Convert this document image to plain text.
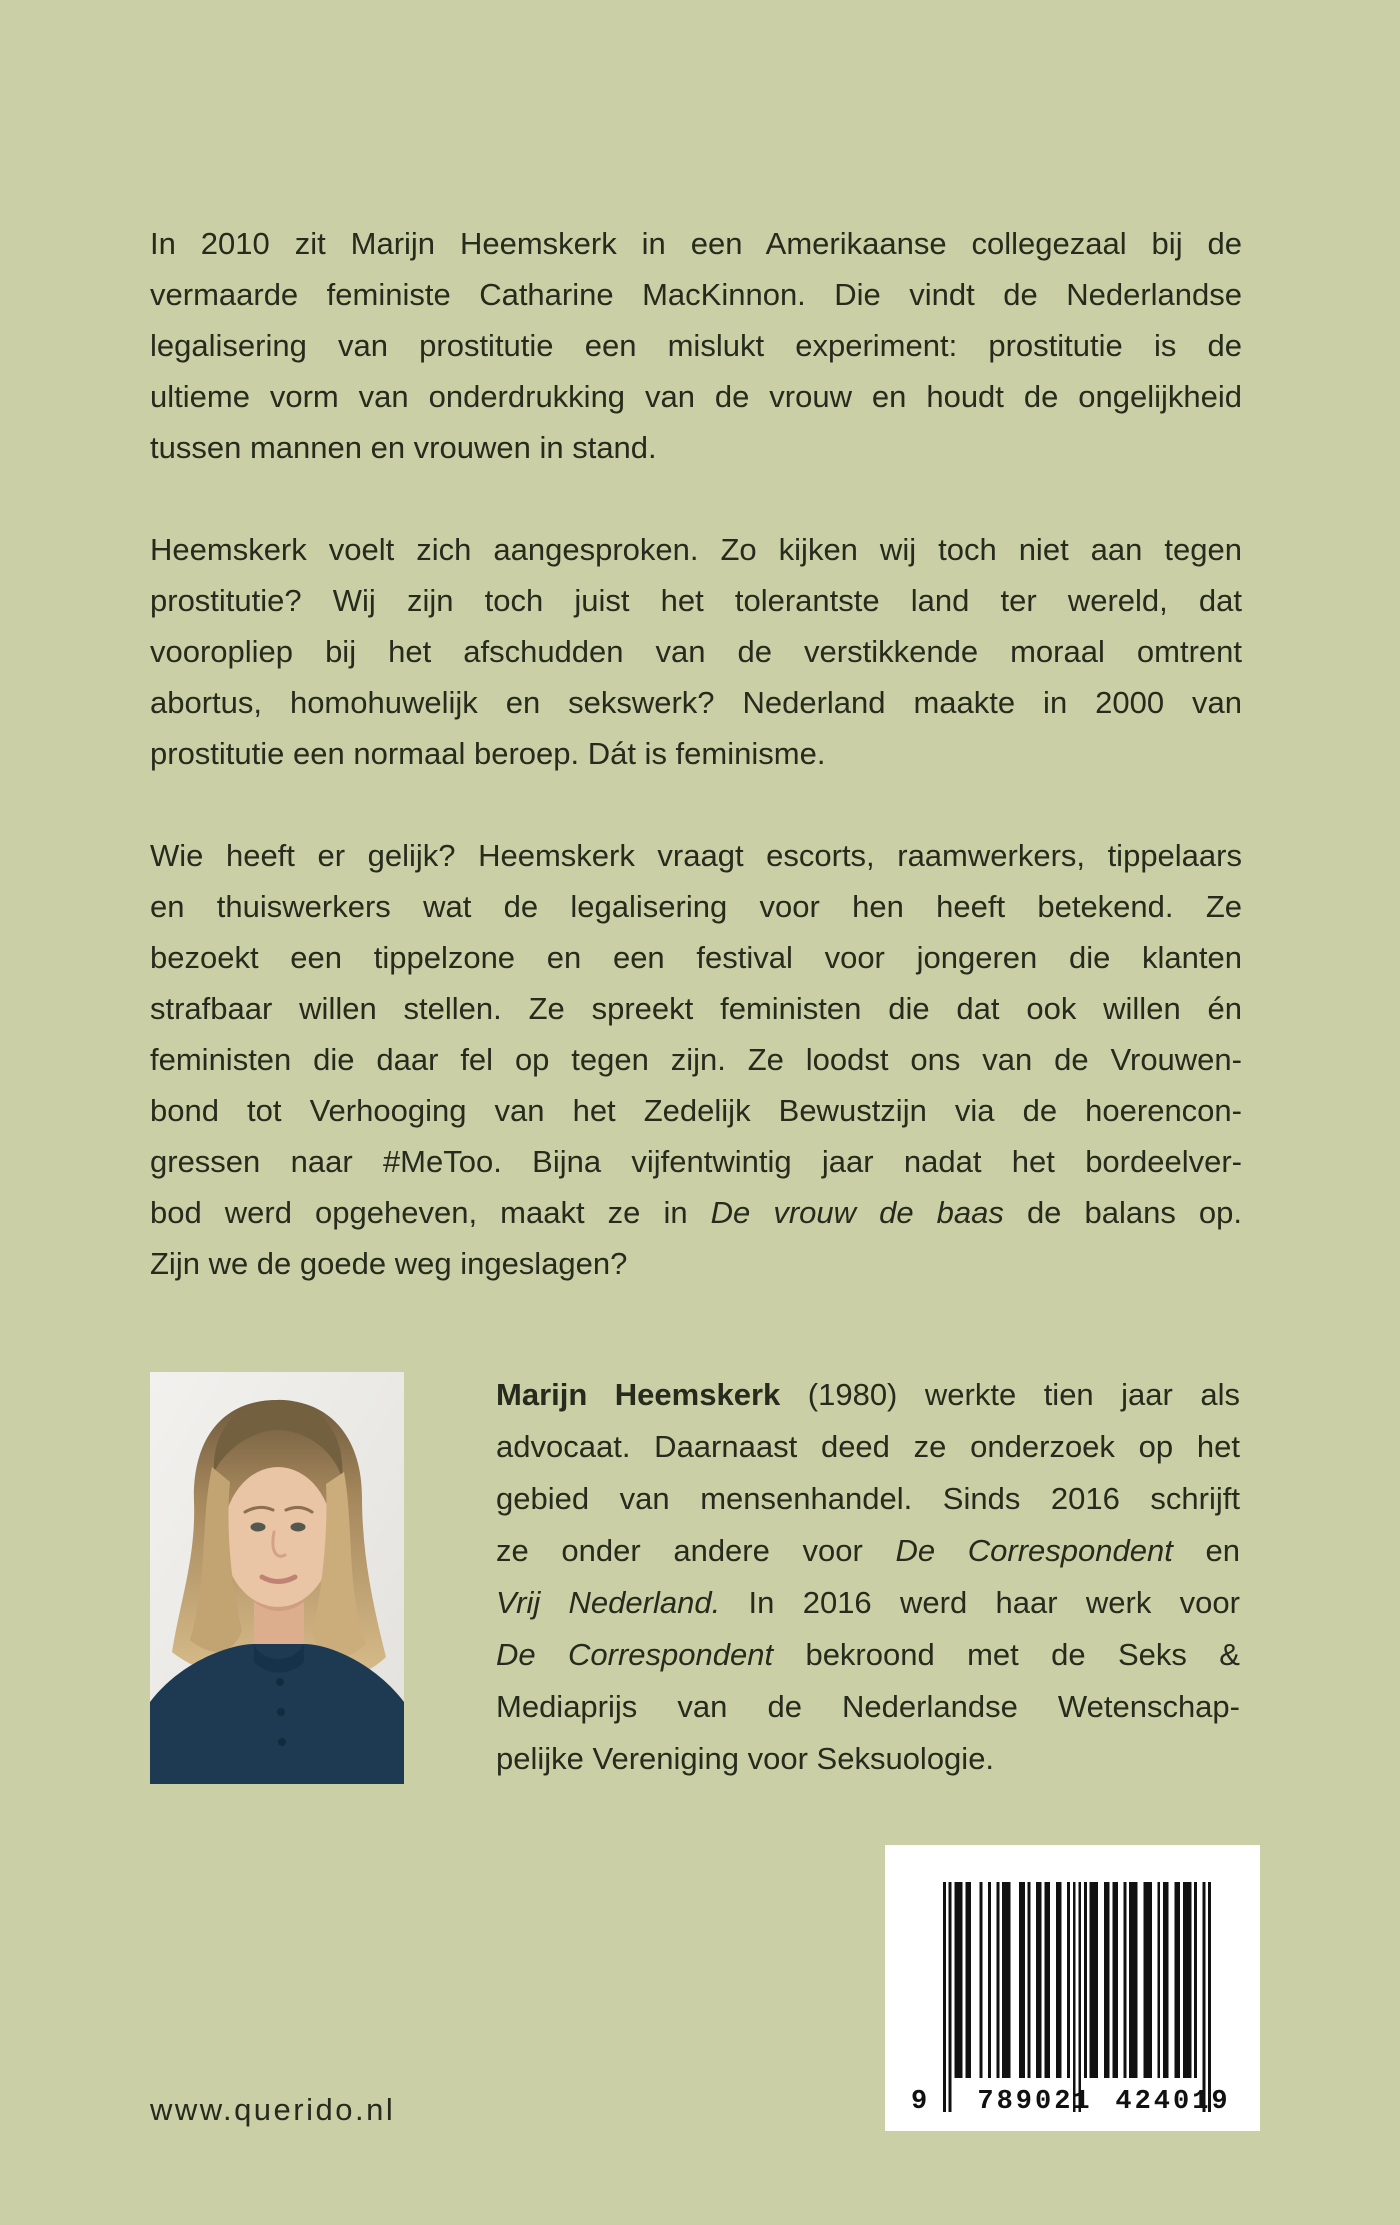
In 2010 zit Marijn Heemskerk in een Amerikaanse collegezaal bij de
vermaarde feministe Catharine MacKinnon. Die vindt de Nederlandse
legalisering van prostitutie een mislukt experiment: prostitutie is de
ultieme vorm van onderdrukking van de vrouw en houdt de ongelijkheid
tussen mannen en vrouwen in stand.
Heemskerk voelt zich aangesproken. Zo kijken wij toch niet aan tegen
prostitutie? Wij zijn toch juist het tolerantste land ter wereld, dat
vooropliep bij het afschudden van de verstikkende moraal omtrent
abortus, homohuwelijk en sekswerk? Nederland maakte in 2000 van
prostitutie een normaal beroep. Dát is feminisme.
Wie heeft er gelijk? Heemskerk vraagt escorts, raamwerkers, tippelaars
en thuiswerkers wat de legalisering voor hen heeft betekend. Ze
bezoekt een tippelzone en een festival voor jongeren die klanten
strafbaar willen stellen. Ze spreekt feministen die dat ook willen én
feministen die daar fel op tegen zijn. Ze loodst ons van de Vrouwen-
bond tot Verhooging van het Zedelijk Bewustzijn via de hoerencon-
gressen naar #MeToo. Bijna vijfentwintig jaar nadat het bordeelver-
bod werd opgeheven, maakt ze in De vrouw de baas de balans op.
Zijn we de goede weg ingeslagen?
Marijn Heemskerk (1980) werkte tien jaar als
advocaat. Daarnaast deed ze onderzoek op het
gebied van mensenhandel. Sinds 2016 schrijft
ze onder andere voor De Correspondent en
Vrij Nederland. In 2016 werd haar werk voor
De Correspondent bekroond met de Seks &
Mediaprijs van de Nederlandse Wetenschap-
pelijke Vereniging voor Seksuologie.
9	789021 424019
www.querido.nl
